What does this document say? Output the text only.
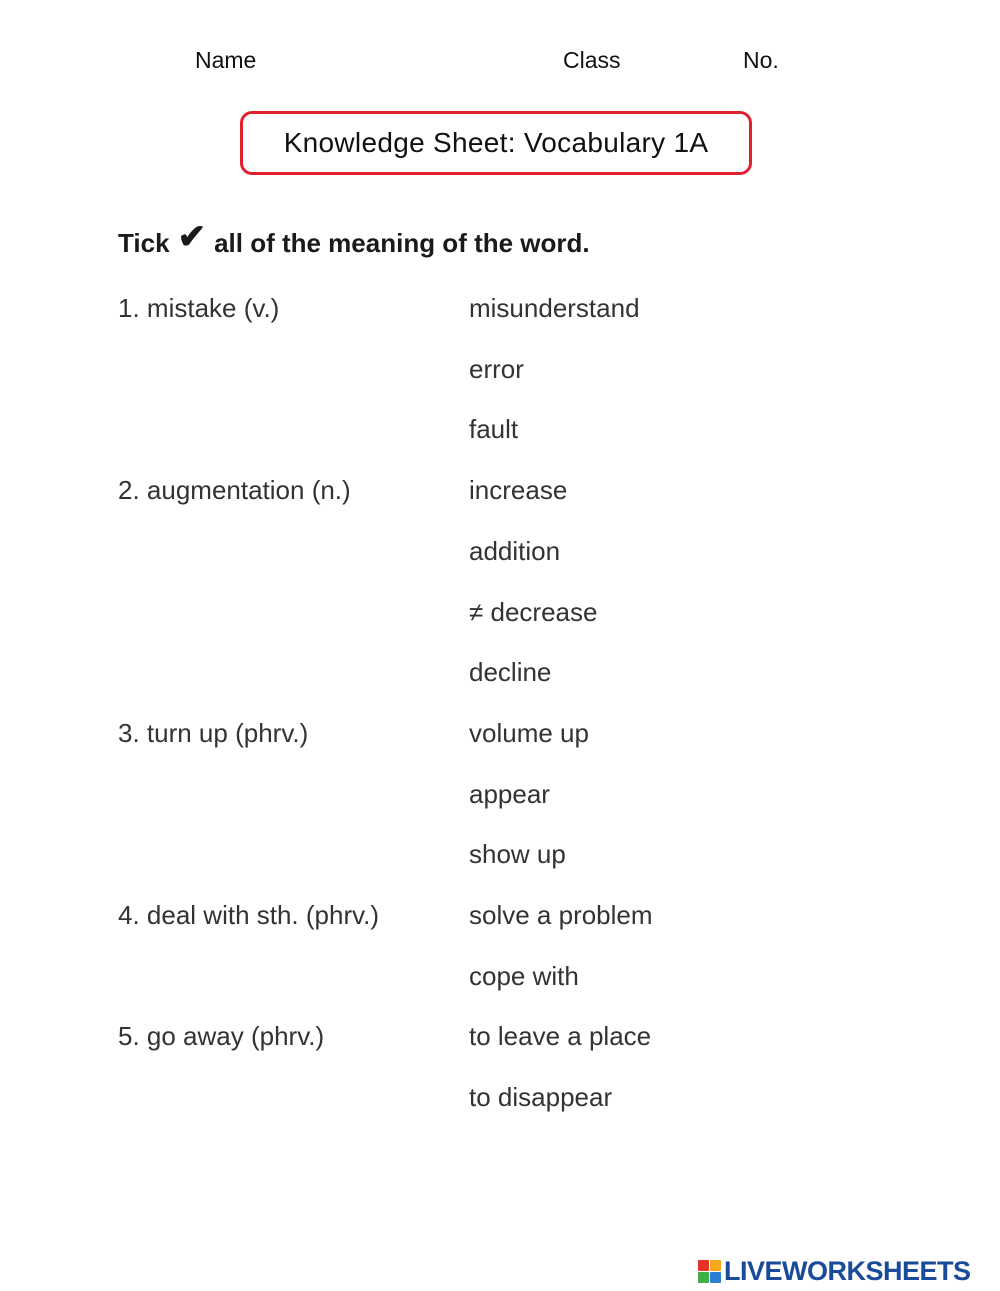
Name	Class	No.
Knowledge Sheet: Vocabulary 1A
Tick ✔ all of the meaning of the word.
1. mistake (v.)	misunderstand
error
fault
2. augmentation (n.)	increase
addition
≠ decrease
decline
3. turn up (phrv.)	volume up
appear
show up
4. deal with sth. (phrv.)	solve a problem
cope with
5. go away (phrv.)	to leave a place
to disappear
LIVEWORKSHEETS
